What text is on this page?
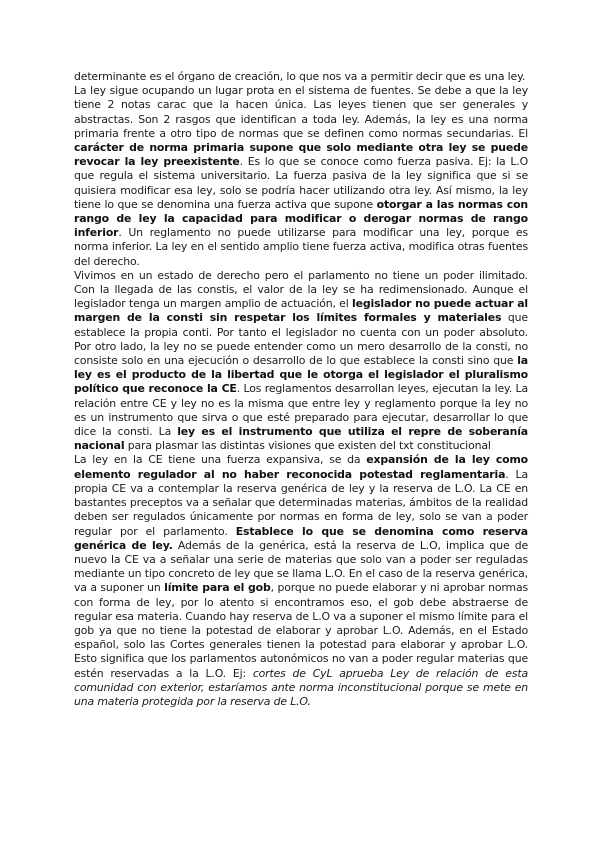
determinante es el órgano de creación, lo que nos va a permitir decir que es una ley.

La ley sigue ocupando un lugar prota en el sistema de fuentes. Se debe a que la ley tiene 2 notas carac que la hacen única. Las leyes tienen que ser generales y abstractas. Son 2 rasgos que identifican a toda ley. Además, la ley es una norma primaria frente a otro tipo de normas que se definen como normas secundarias. El carácter de norma primaria supone que solo mediante otra ley se puede revocar la ley preexistente. Es lo que se conoce como fuerza pasiva. Ej: la L.O que regula el sistema universitario. La fuerza pasiva de la ley significa que si se quisiera modificar esa ley, solo se podría hacer utilizando otra ley. Así mismo, la ley tiene lo que se denomina una fuerza activa que supone otorgar a las normas con rango de ley la capacidad para modificar o derogar normas de rango inferior. Un reglamento no puede utilizarse para modificar una ley, porque es norma inferior. La ley en el sentido amplio tiene fuerza activa, modifica otras fuentes del derecho.

Vivimos en un estado de derecho pero el parlamento no tiene un poder ilimitado. Con la llegada de las constis, el valor de la ley se ha redimensionado. Aunque el legislador tenga un margen amplio de actuación, el legislador no puede actuar al margen de la consti sin respetar los límites formales y materiales que establece la propia conti. Por tanto el legislador no cuenta con un poder absoluto. Por otro lado, la ley no se puede entender como un mero desarrollo de la consti, no consiste solo en una ejecución o desarrollo de lo que establece la consti sino que la ley es el producto de la libertad que le otorga el legislador el pluralismo político que reconoce la CE. Los reglamentos desarrollan leyes, ejecutan la ley. La relación entre CE y ley no es la misma que entre ley y reglamento porque la ley no es un instrumento que sirva o que esté preparado para ejecutar, desarrollar lo que dice la consti. La ley es el instrumento que utiliza el repre de soberanía nacional para plasmar las distintas visiones que existen del txt constitucional

La ley en la CE tiene una fuerza expansiva, se da expansión de la ley como elemento regulador al no haber reconocida potestad reglamentaria. La propia CE va a contemplar la reserva genérica de ley y la reserva de L.O. La CE en bastantes preceptos va a señalar que determinadas materias, ámbitos de la realidad deben ser regulados únicamente por normas en forma de ley, solo se van a poder regular por el parlamento. Establece lo que se denomina como reserva genérica de ley. Además de la genérica, está la reserva de L.O, implica que de nuevo la CE va a señalar una serie de materias que solo van a poder ser reguladas mediante un tipo concreto de ley que se llama L.O. En el caso de la reserva genérica, va a suponer un límite para el gob, porque no puede elaborar y ni aprobar normas con forma de ley, por lo atento si encontramos eso, el gob debe abstraerse de regular esa materia. Cuando hay reserva de L.O va a suponer el mismo límite para el gob ya que no tiene la potestad de elaborar y aprobar L.O. Además, en el Estado español, solo las Cortes generales tienen la potestad para elaborar y aprobar L.O. Esto significa que los parlamentos autonómicos no van a poder regular materias que estén reservadas a la L.O. Ej: cortes de CyL aprueba Ley de relación de esta comunidad con exterior, estaríamos ante norma inconstitucional porque se mete en una materia protegida por la reserva de L.O.
